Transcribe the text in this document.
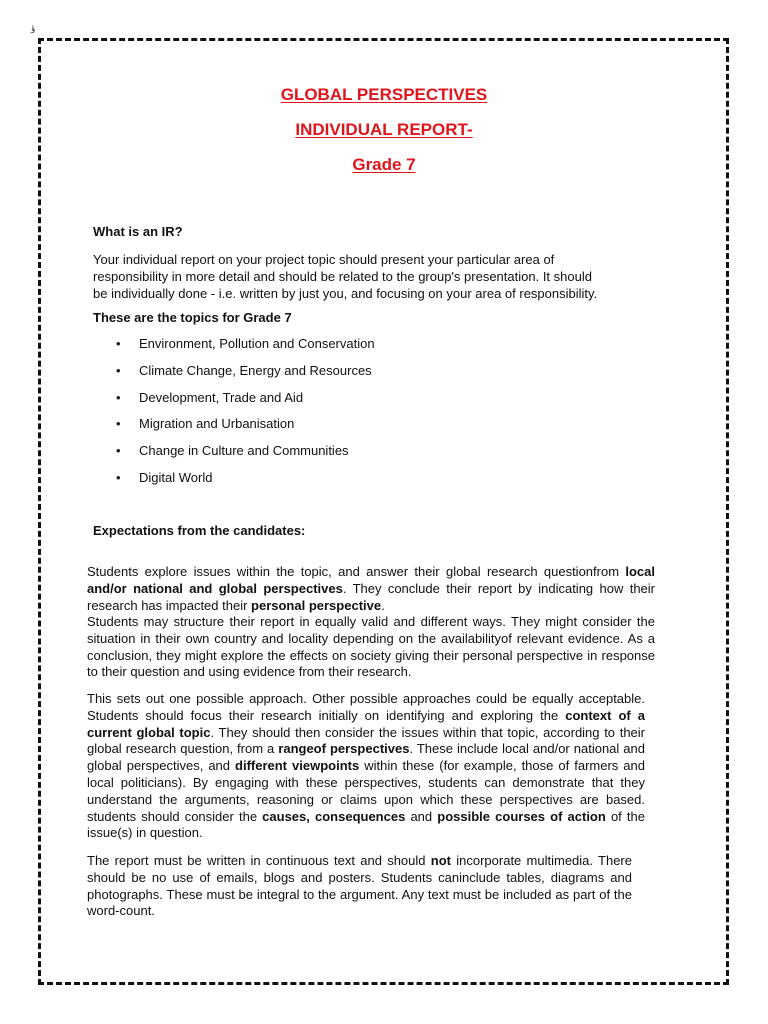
ؤ
GLOBAL PERSPECTIVES
INDIVIDUAL REPORT-
Grade 7

What is an IR?

Your individual report on your project topic should present your particular area of
responsibility in more detail and should be related to the group's presentation. It should
be individually done - i.e. written by just you, and focusing on your area of responsibility.

These are the topics for Grade 7

• Environment, Pollution and Conservation
• Climate Change, Energy and Resources
• Development, Trade and Aid
• Migration and Urbanisation
• Change in Culture and Communities
• Digital World

Expectations from the candidates:

Students explore issues within the topic, and answer their global research questionfrom local and/or national and global perspectives. They conclude their report by indicating how their research has impacted their personal perspective.
Students may structure their report in equally valid and different ways. They might consider the situation in their own country and locality depending on the availabilityof relevant evidence. As a conclusion, they might explore the effects on society giving their personal perspective in response to their question and using evidence from their research.
This sets out one possible approach. Other possible approaches could be equally acceptable. Students should focus their research initially on identifying and exploring the context of a current global topic. They should then consider the issues within that topic, according to their global research question, from a rangeof perspectives. These include local and/or national and global perspectives, and different viewpoints within these (for example, those of farmers and local politicians). By engaging with these perspectives, students can demonstrate that they understand the arguments, reasoning or claims upon which these perspectives are based. students should consider the causes, consequences and possible courses of action of the issue(s) in question.
The report must be written in continuous text and should not incorporate multimedia. There should be no use of emails, blogs and posters. Students caninclude tables, diagrams and photographs. These must be integral to the argument. Any text must be included as part of the word-count.
